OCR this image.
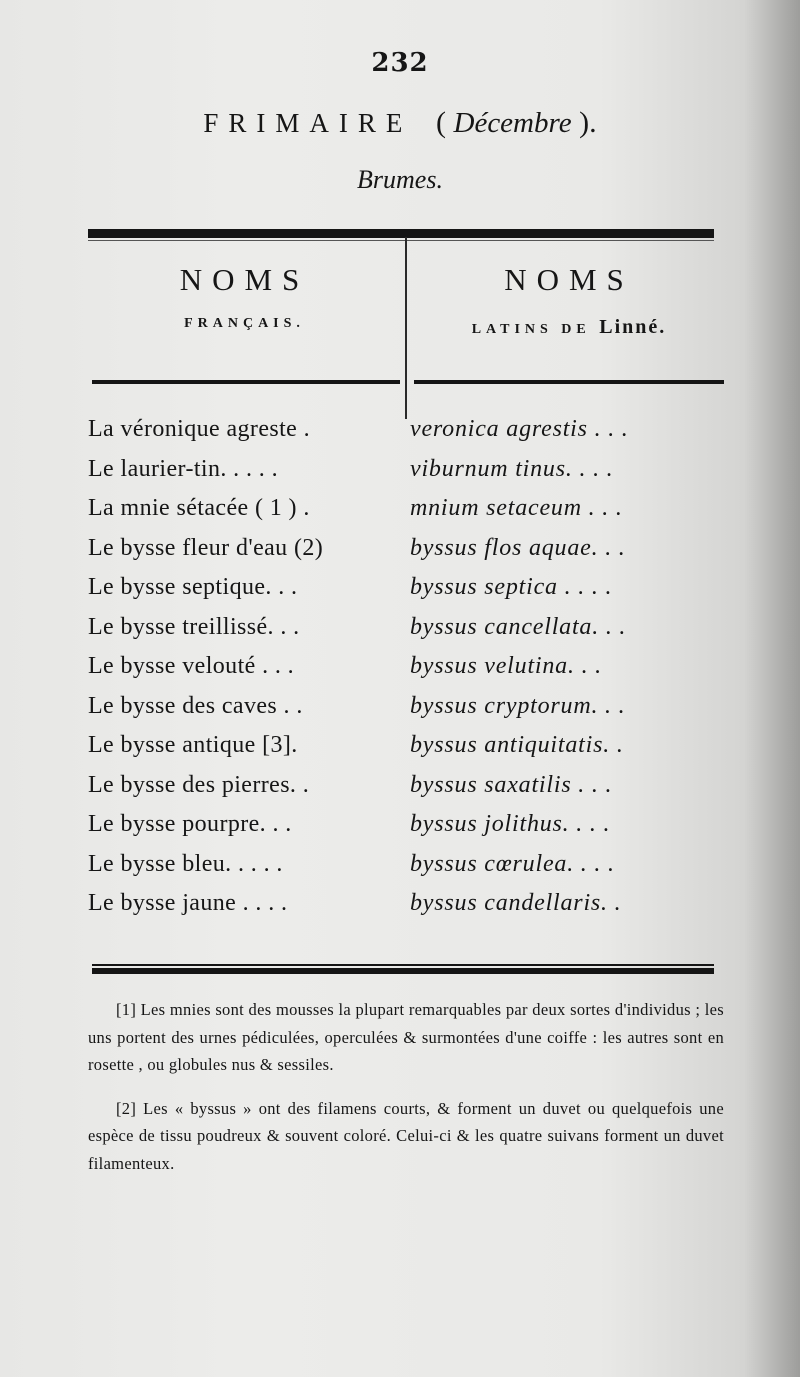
232
FRIMAIRE   ( Décembre ).
Brumes.
NOMS
FRANÇAIS.
NOMS
LATINS DE Linné.
La véronique agreste .	veronica agrestis . . .
Le laurier-tin. . . . .	viburnum tinus. . . .
La mnie sétacée ( 1 ) .	mnium setaceum . . .
Le bysse fleur d'eau (2)	byssus flos aquae. . .
Le bysse septique. . .	byssus septica . . . .
Le bysse treillissé. . .	byssus cancellata. . .
Le bysse velouté . . .	byssus velutina. . .
Le bysse des caves . .	byssus cryptorum. . .
Le bysse antique [3].	byssus antiquitatis. .
Le bysse des pierres. .	byssus saxatilis . . .
Le bysse pourpre. . .	byssus jolithus. . . .
Le bysse bleu. . . . .	byssus cœrulea. . . .
Le bysse jaune . . . .	byssus candellaris. .

[1] Les mnies sont des mousses la plupart remarquables par deux sortes d'individus ; les uns portent des urnes pédiculées, operculées & surmontées d'une coiffe : les autres sont en rosette , ou globules nus & sessiles.

[2] Les « byssus » ont des filamens courts, & forment un duvet ou quelquefois une espèce de tissu poudreux & souvent coloré. Celui-ci & les quatre suivans forment un duvet filamenteux.
